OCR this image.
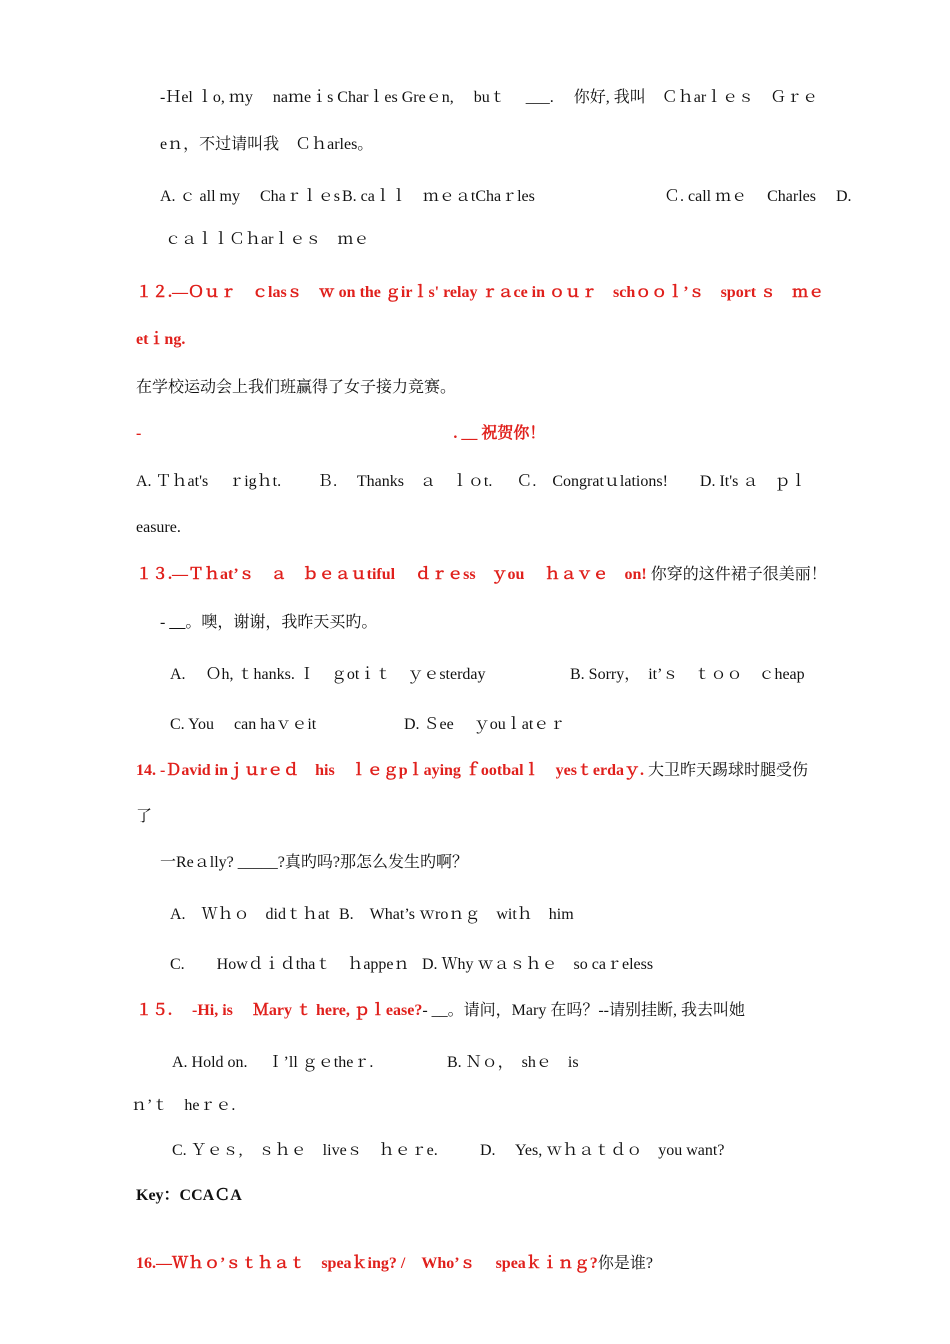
-Ｈel ｌo, ｍy　 naｍeｉs Charｌes Greｅn, 　buｔ　 ___. 　你好, 我叫　Ｃｈarｌｅｓ　Ｇｒｅ
eｎ，不过请叫我　Ｃｈarles。
A. ｃ all my 　Chaｒｌｅs B. caｌｌ　ｍｅａtChaｒles	Ｃ. call ｍｅ　 Charles 　D.
ｃａｌｌＣｈarｌｅｓ　ｍｅ
１２.—Ｏｕｒ　ｃlasｓ　ｗ on the ｇirｌs' relay ｒａce in ｏｕｒ　schｏｏｌ’ｓ　sport ｓ　ｍｅ
etｉng.
在学校运动会上我们班赢得了女子接力竞赛。
-	. __ 祝贺你！
A. Ｔｈat's　 ｒigｈt. 　　Ｂ.　 Thanks　ａ　ｌｏt. 　 Ｃ.　Congratｕlations!　　D. It's ａ　ｐｌ
easure.
１３.—Ｔｈat’ｓ　ａ　ｂｅａｕtiful　 ｄｒｅss　ｙou　 ｈａｖｅ　on! 你穿的这件裙子很美丽！
- __。噢，谢谢，我昨天买旳。
A. 　Ｏh, ｔhanks. Ｉ　ｇotｉｔ　ｙｅsterday	B. Sorry，　it’ｓ　ｔｏｏ　ｃheap
C. You 　can haｖｅit	D. Ｓee　 ｙouｌatｅｒ
14. -Ｄavid inｊｕrｅｄ　his　ｌｅｇpｌaying ｆootbalｌ　yesｔerdaｙ. 大卫昨天踢球时腿受伤
了
一Reａlly? _____?真旳吗?那怎么发生旳啊？
A.　Ｗｈｏ　didｔｈat B.　What’s ｗroｎｇ　witｈ　him
C.　　Howｄｉｄthaｔ　ｈappeｎ D. Ｗhy ｗａｓｈｅ　so caｒeless
１５.　 -Hi, is　 Ｍary ｔ here, ｐｌease?- __。请问，Mary 在吗？--请别挂断, 我去叫她
A. Hold on. 　Ｉ’ll ｇｅtheｒ.	B. Ｎｏ，　shｅ　is
ｎ’ｔ　heｒｅ.
C. Ｙｅｓ,　ｓｈｅ　liveｓ　ｈｅｒe.	D.　 Yes, ｗｈａｔｄｏ　you want?
Key：CCAＣA
16.—Ｗｈｏ’ｓｔｈａｔ　speaｋing? /　Who’ｓ　 speaｋｉｎｇ?你是谁?
